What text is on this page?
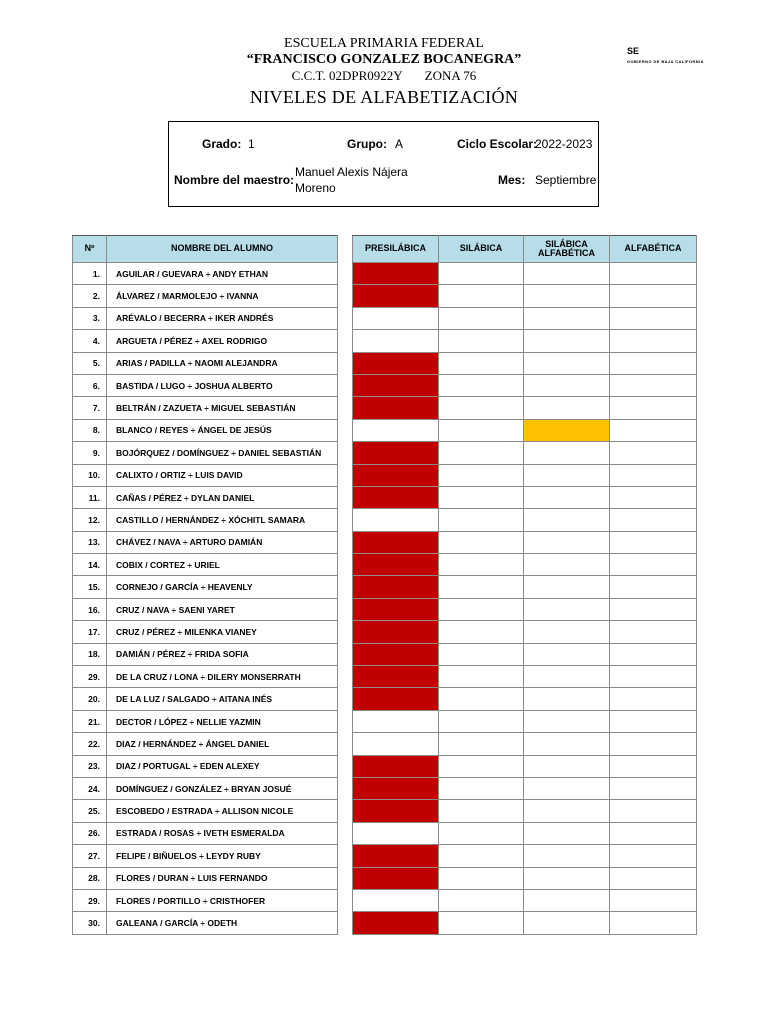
ESCUELA PRIMARIA FEDERAL
“FRANCISCO GONZALEZ BOCANEGRA”
C.C.T. 02DPR0922Y ZONA 76
NIVELES DE ALFABETIZACIÓN
SE
GOBIERNO DE BAJA CALIFORNIA
Grado: 1	Grupo: A	Ciclo Escolar:
2022-2023
Nombre del maestro:
Manuel Alexis Nájera Moreno
Mes: Septiembre
Nº	NOMBRE DEL ALUMNO
1.	AGUILAR / GUEVARA ÷ ANDY ETHAN
2.	ÁLVAREZ / MARMOLEJO ÷ IVANNA
3.	ARÉVALO / BECERRA ÷ IKER ANDRÉS
4.	ARGUETA / PÉREZ ÷ AXEL RODRIGO
5.	ARIAS / PADILLA ÷ NAOMI ALEJANDRA
6.	BASTIDA / LUGO ÷ JOSHUA ALBERTO
7.	BELTRÁN / ZAZUETA ÷ MIGUEL SEBASTIÁN
8.	BLANCO / REYES ÷ ÁNGEL DE JESÚS
9.	BOJÓRQUEZ / DOMÍNGUEZ ÷ DANIEL SEBASTIÁN
10.	CALIXTO / ORTIZ ÷ LUIS DAVID
11.	CAÑAS / PÉREZ ÷ DYLAN DANIEL
12.	CASTILLO / HERNÁNDEZ ÷ XÓCHITL SAMARA
13.	CHÁVEZ / NAVA ÷ ARTURO DAMIÁN
14.	COBIX / CORTEZ ÷ URIEL
15.	CORNEJO / GARCÍA ÷ HEAVENLY
16.	CRUZ / NAVA ÷ SAENI YARET
17.	CRUZ / PÉREZ ÷ MILENKA VIANEY
18.	DAMIÁN / PÉREZ ÷ FRIDA SOFIA
29.	DE LA CRUZ / LONA ÷ DILERY MONSERRATH
20.	DE LA LUZ / SALGADO ÷ AITANA INÉS
21.	DECTOR / LÓPEZ ÷ NELLIE YAZMIN
22.	DIAZ / HERNÁNDEZ ÷ ÁNGEL DANIEL
23.	DIAZ / PORTUGAL ÷ EDEN ALEXEY
24.	DOMÍNGUEZ / GONZÁLEZ ÷ BRYAN JOSUÉ
25.	ESCOBEDO / ESTRADA ÷ ALLISON NICOLE
26.	ESTRADA / ROSAS ÷ IVETH ESMERALDA
27.	FELIPE / BIÑUELOS ÷ LEYDY RUBY
28.	FLORES / DURAN ÷ LUIS FERNANDO
29.	FLORES / PORTILLO ÷ CRISTHOFER
30.	GALEANA / GARCÍA ÷ ODETH
PRESILÁBICA	SILÁBICA	SILÁBICA ALFABÉTICA	ALFABÉTICA
